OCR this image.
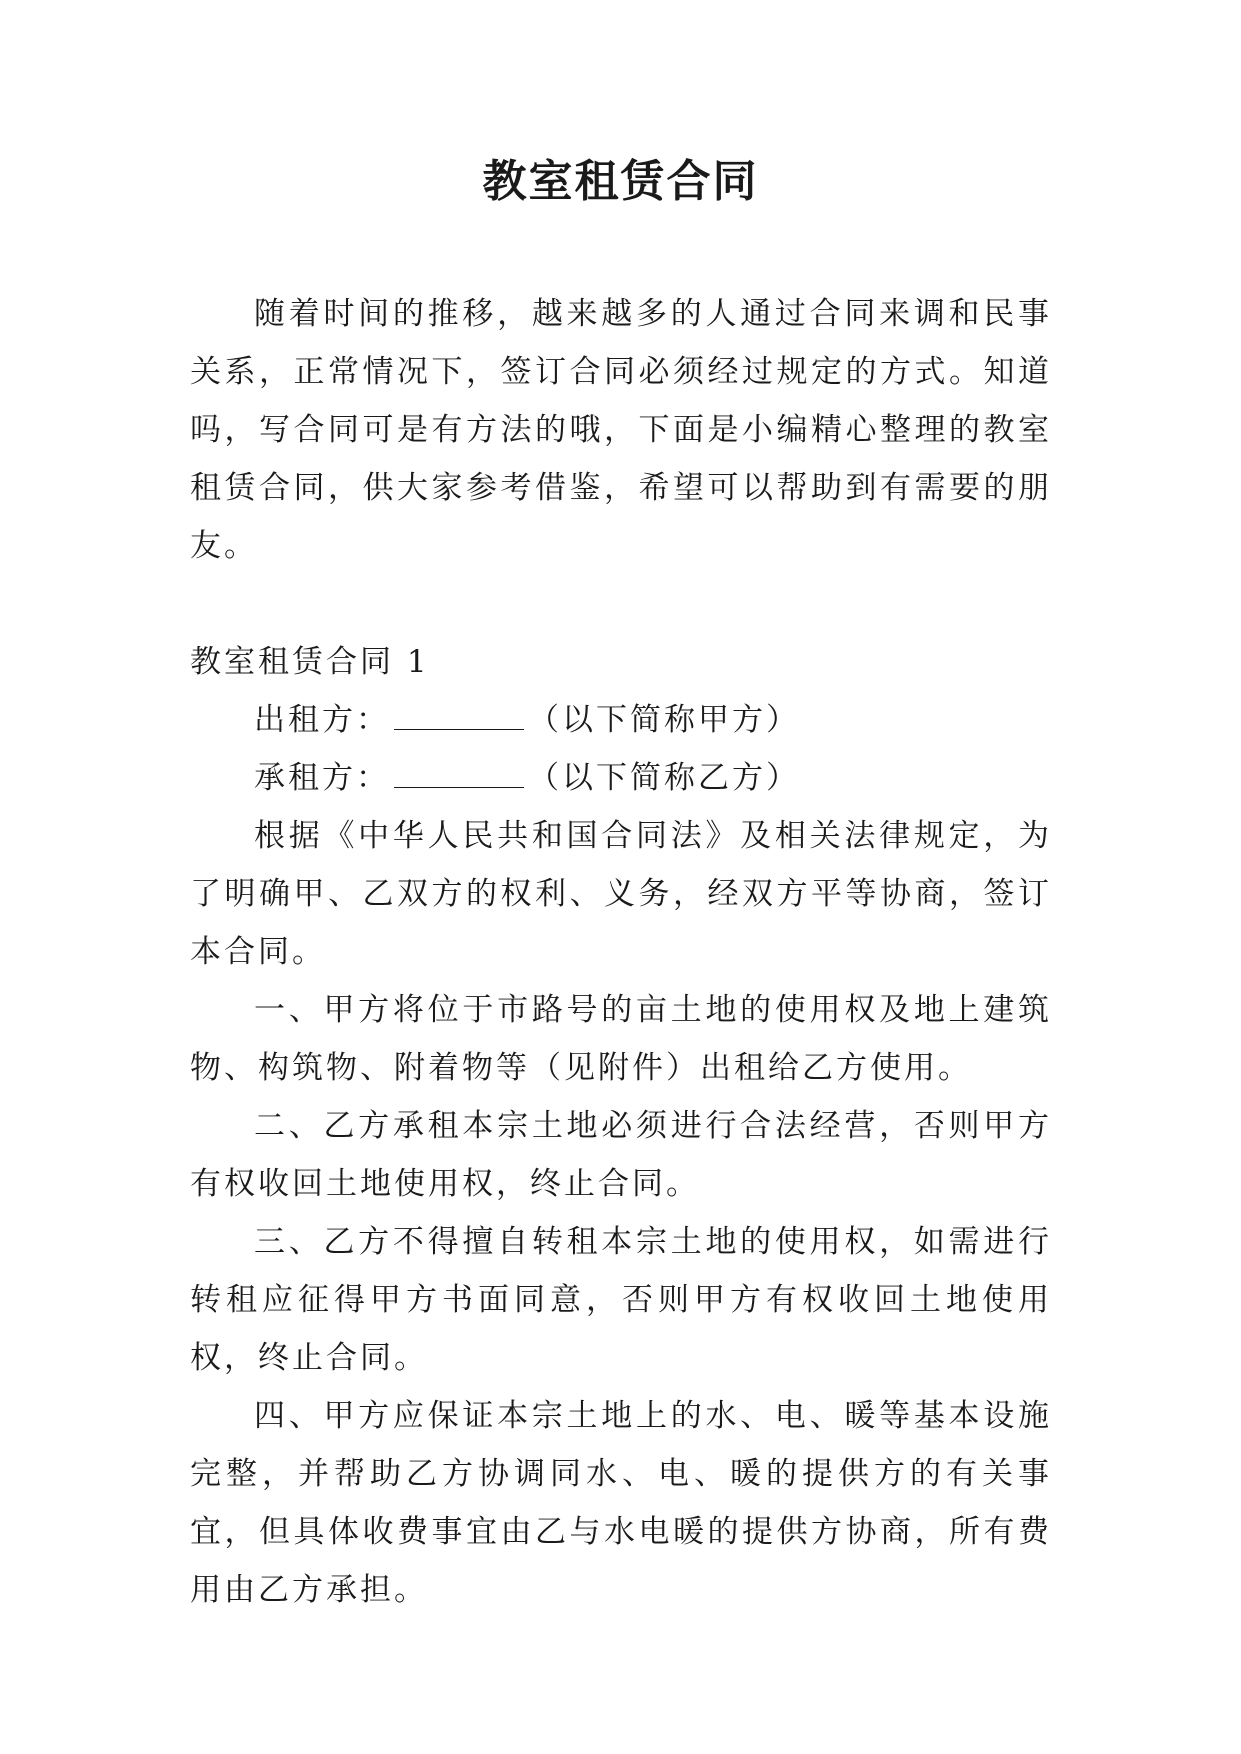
教室租赁合同

随着时间的推移，越来越多的人通过合同来调和民事关系，正常情况下，签订合同必须经过规定的方式。知道吗，写合同可是有方法的哦，下面是小编精心整理的教室租赁合同，供大家参考借鉴，希望可以帮助到有需要的朋友。

教室租赁合同 1

出租方：	（以下简称甲方）

承租方：	（以下简称乙方）

根据《中华人民共和国合同法》及相关法律规定，为了明确甲、乙双方的权利、义务，经双方平等协商，签订本合同。

一、甲方将位于市路号的亩土地的使用权及地上建筑物、构筑物、附着物等（见附件）出租给乙方使用。

二、乙方承租本宗土地必须进行合法经营，否则甲方有权收回土地使用权，终止合同。

三、乙方不得擅自转租本宗土地的使用权，如需进行转租应征得甲方书面同意，否则甲方有权收回土地使用权，终止合同。

四、甲方应保证本宗土地上的水、电、暖等基本设施完整，并帮助乙方协调同水、电、暖的提供方的有关事宜，但具体收费事宜由乙与水电暖的提供方协商，所有费用由乙方承担。
